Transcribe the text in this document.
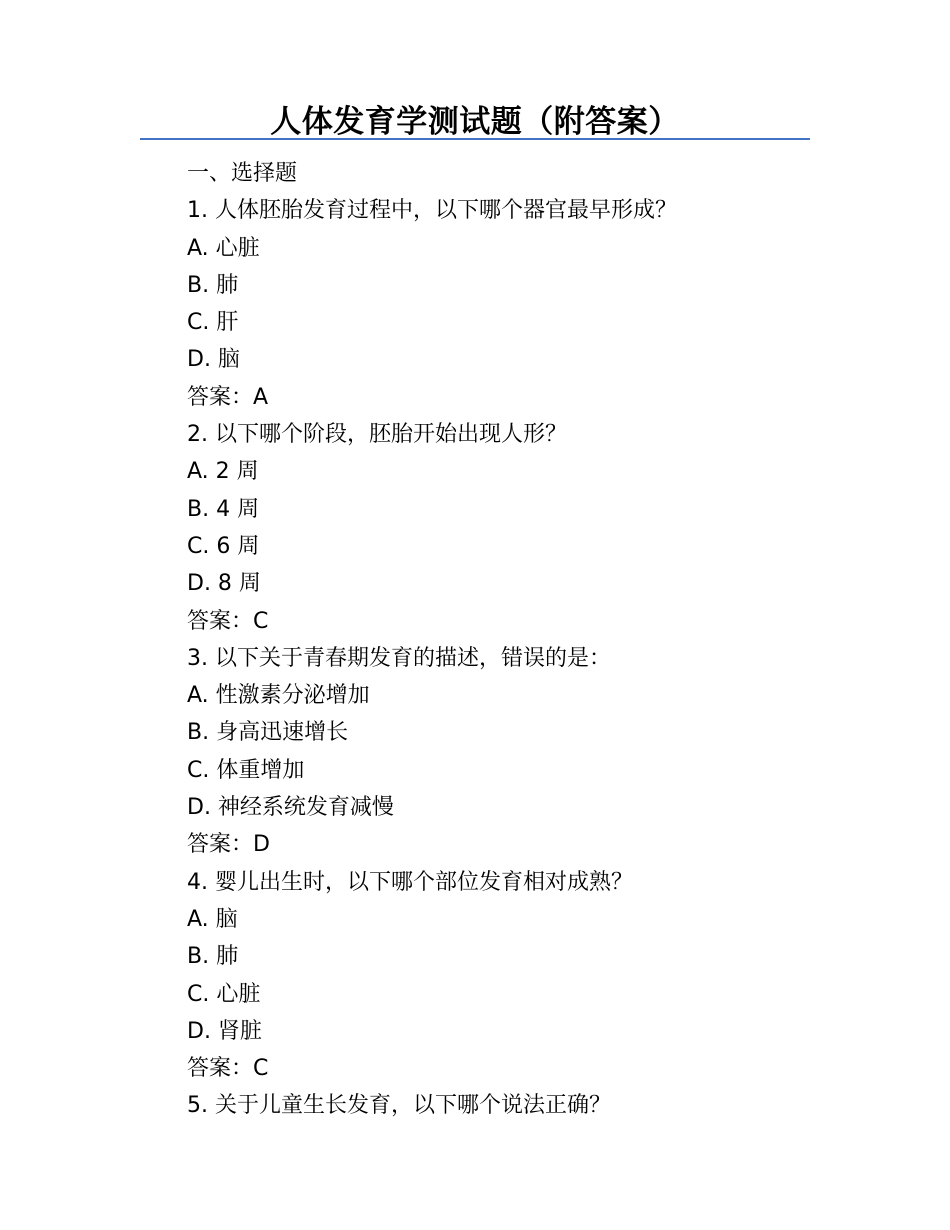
人体发育学测试题（附答案）
一、选择题
1. 人体胚胎发育过程中，以下哪个器官最早形成？
A. 心脏
B. 肺
C. 肝
D. 脑
答案：A
2. 以下哪个阶段，胚胎开始出现人形？
A. 2 周
B. 4 周
C. 6 周
D. 8 周
答案：C
3. 以下关于青春期发育的描述，错误的是：
A. 性激素分泌增加
B. 身高迅速增长
C. 体重增加
D. 神经系统发育减慢
答案：D
4. 婴儿出生时，以下哪个部位发育相对成熟？
A. 脑
B. 肺
C. 心脏
D. 肾脏
答案：C
5. 关于儿童生长发育，以下哪个说法正确？
